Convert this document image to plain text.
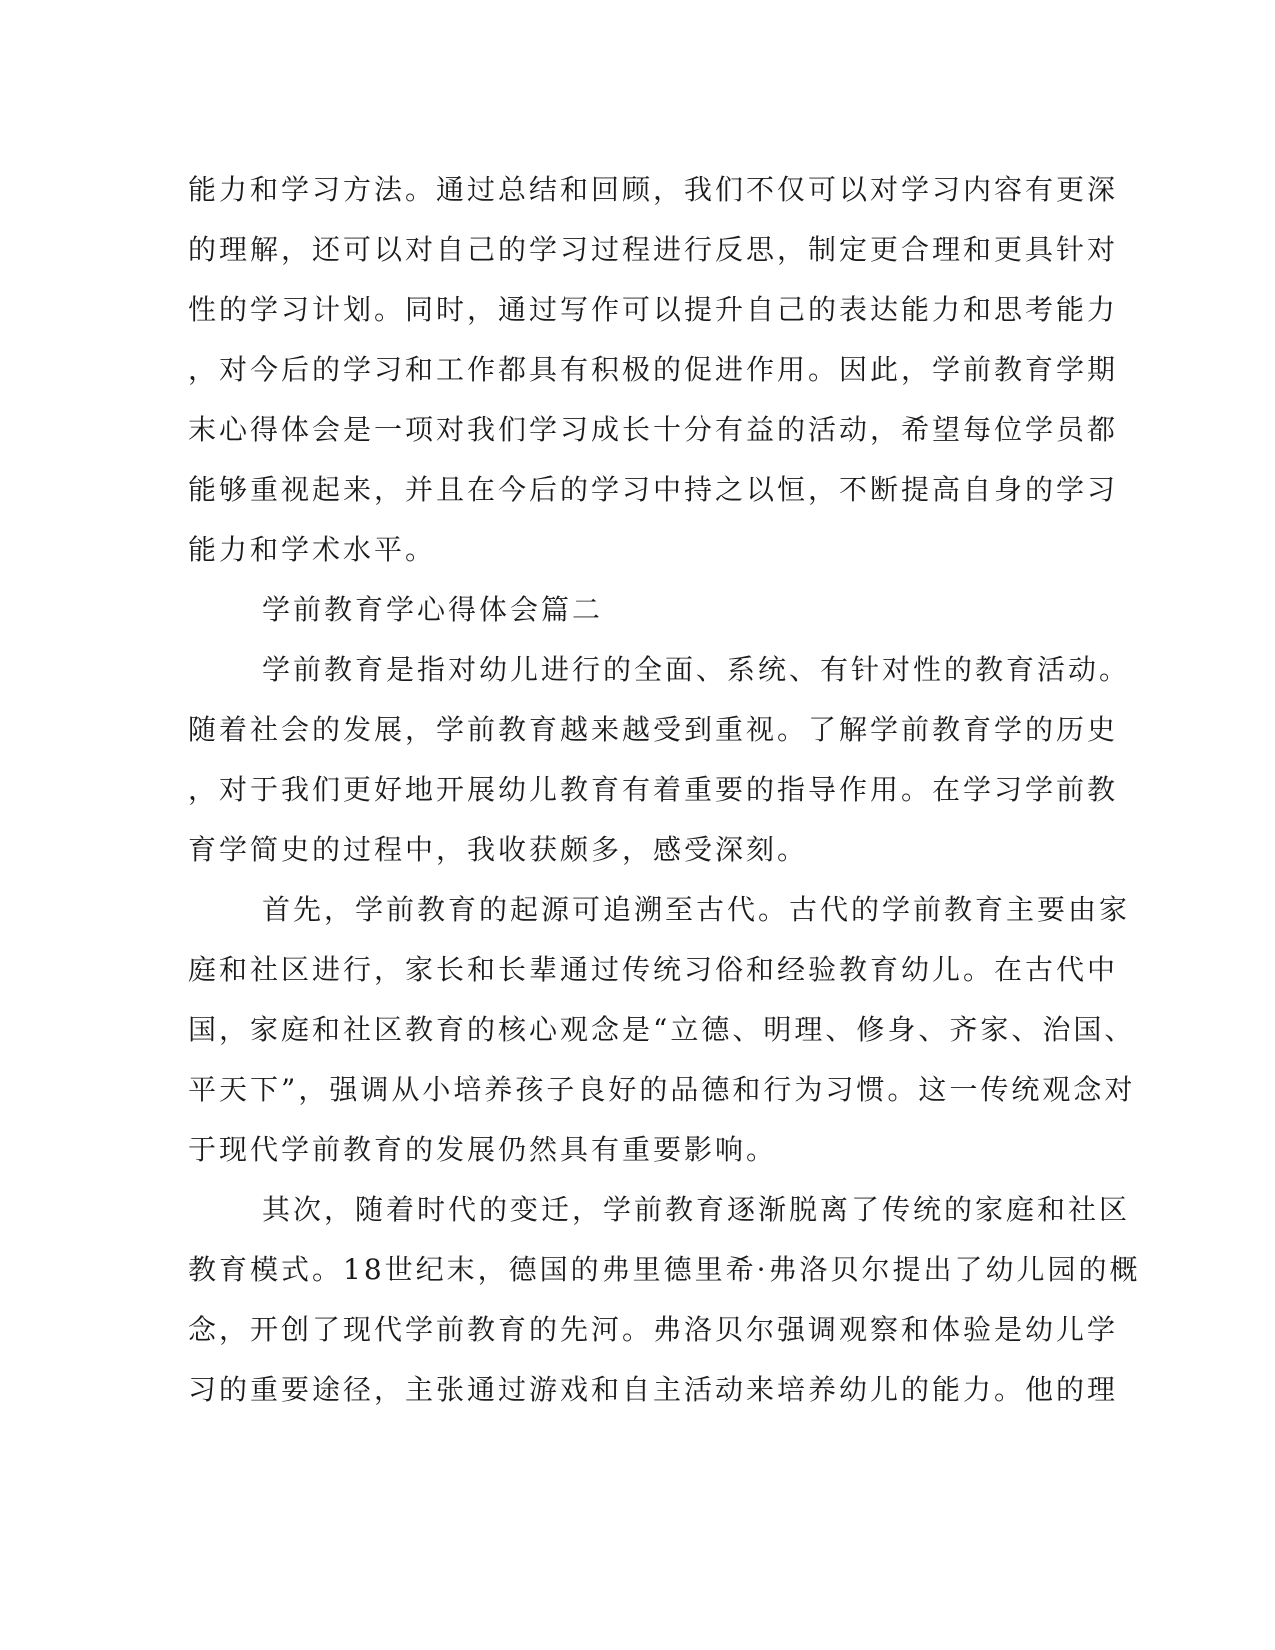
能力和学习方法。通过总结和回顾，我们不仅可以对学习内容有更深
的理解，还可以对自己的学习过程进行反思，制定更合理和更具针对
性的学习计划。同时，通过写作可以提升自己的表达能力和思考能力
，对今后的学习和工作都具有积极的促进作用。因此，学前教育学期
末心得体会是一项对我们学习成长十分有益的活动，希望每位学员都
能够重视起来，并且在今后的学习中持之以恒，不断提高自身的学习
能力和学术水平。
学前教育学心得体会篇二
学前教育是指对幼儿进行的全面、系统、有针对性的教育活动。
随着社会的发展，学前教育越来越受到重视。了解学前教育学的历史
，对于我们更好地开展幼儿教育有着重要的指导作用。在学习学前教
育学简史的过程中，我收获颇多，感受深刻。
首先，学前教育的起源可追溯至古代。古代的学前教育主要由家
庭和社区进行，家长和长辈通过传统习俗和经验教育幼儿。在古代中
国，家庭和社区教育的核心观念是“立德、明理、修身、齐家、治国、
平天下”，强调从小培养孩子良好的品德和行为习惯。这一传统观念对
于现代学前教育的发展仍然具有重要影响。
其次，随着时代的变迁，学前教育逐渐脱离了传统的家庭和社区
教育模式。18世纪末，德国的弗里德里希·弗洛贝尔提出了幼儿园的概
念，开创了现代学前教育的先河。弗洛贝尔强调观察和体验是幼儿学
习的重要途径，主张通过游戏和自主活动来培养幼儿的能力。他的理
